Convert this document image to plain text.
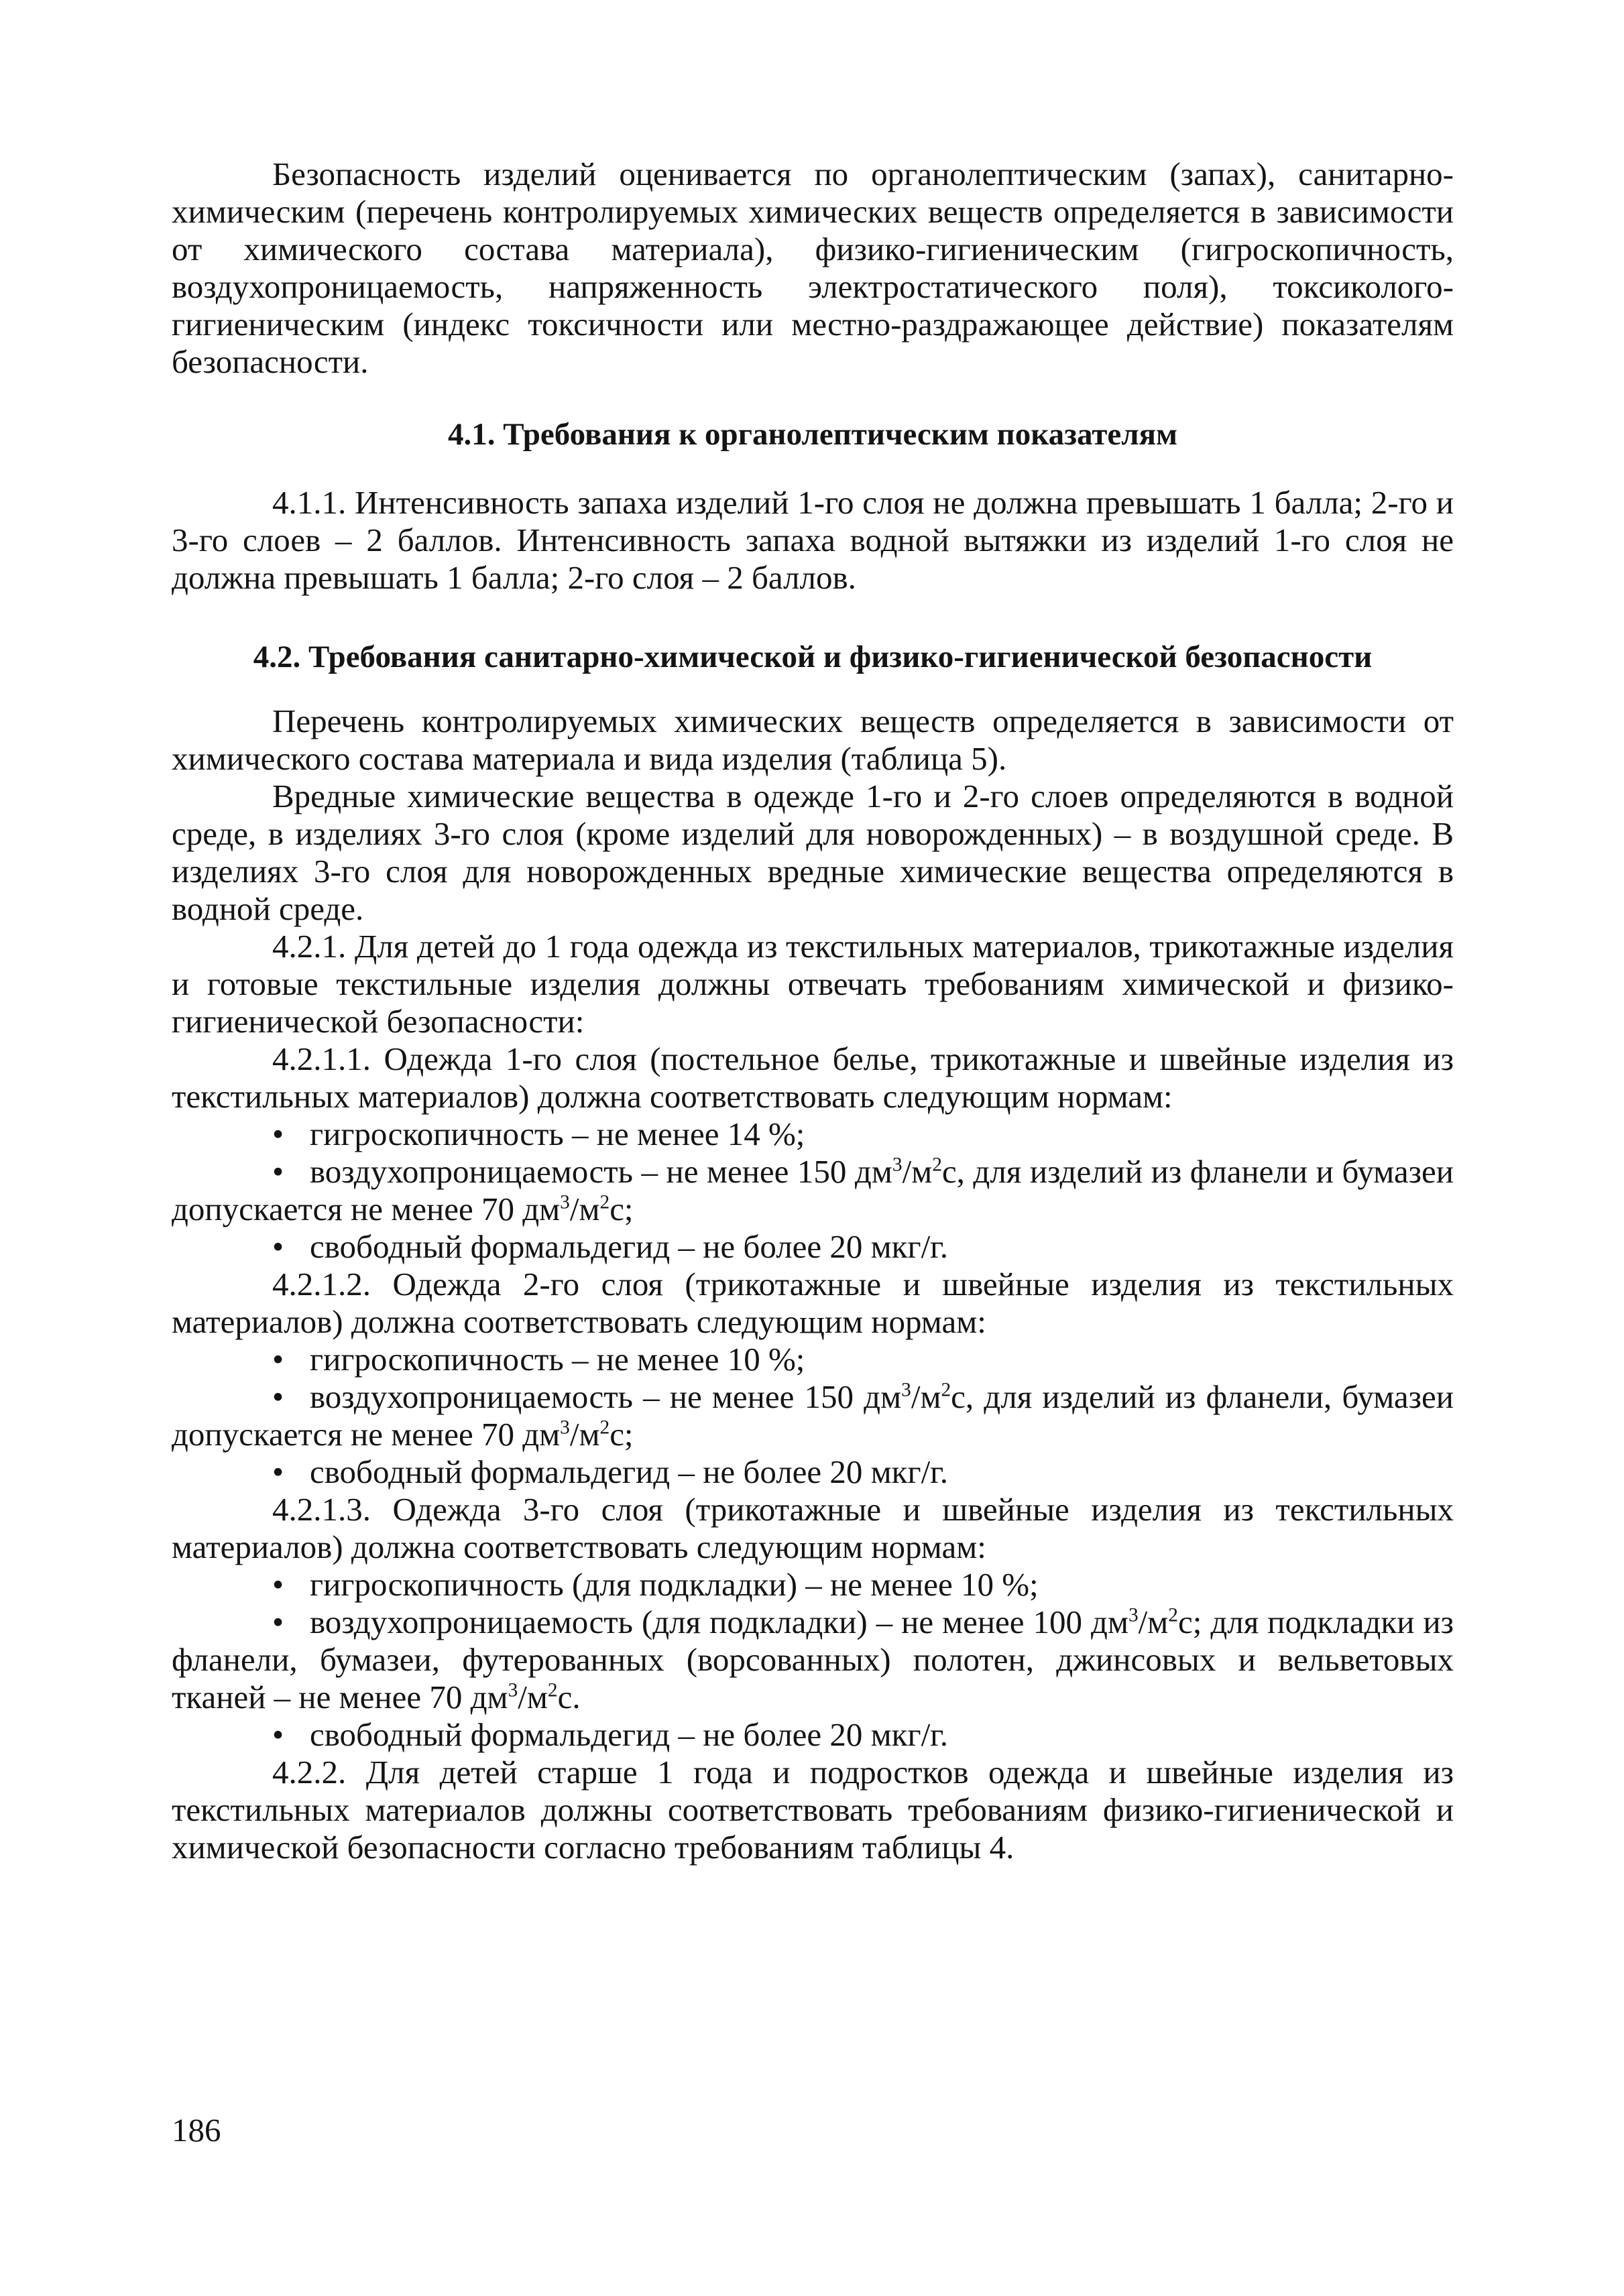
Безопасность изделий оценивается по органолептическим (запах), санитарно-химическим (перечень контролируемых химических веществ определяется в зависимости от химического состава материала), физико-гигиеническим (гигроскопичность, воздухопроницаемость, напряженность электростатического поля), токсиколого-гигиеническим (индекс токсичности или местно-раздражающее действие) показателям безопасности.

4.1. Требования к органолептическим показателям

4.1.1. Интенсивность запаха изделий 1-го слоя не должна превышать 1 балла; 2-го и 3-го слоев – 2 баллов. Интенсивность запаха водной вытяжки из изделий 1-го слоя не должна превышать 1 балла; 2-го слоя – 2 баллов.

4.2. Требования санитарно-химической и физико-гигиенической безопасности

Перечень контролируемых химических веществ определяется в зависимости от химического состава материала и вида изделия (таблица 5).

Вредные химические вещества в одежде 1-го и 2-го слоев определяются в водной среде, в изделиях 3-го слоя (кроме изделий для новорожденных) – в воздушной среде. В изделиях 3-го слоя для новорожденных вредные химические вещества определяются в водной среде.

4.2.1. Для детей до 1 года одежда из текстильных материалов, трикотажные изделия и готовые текстильные изделия должны отвечать требованиям химической и физико-гигиенической безопасности:

4.2.1.1. Одежда 1-го слоя (постельное белье, трикотажные и швейные изделия из текстильных материалов) должна соответствовать следующим нормам:

• гигроскопичность – не менее 14 %;

• воздухопроницаемость – не менее 150 $дм^3/м^2с$, для изделий из фланели и бумазеи допускается не менее 70 $дм^3/м^2с$;

• свободный формальдегид – не более 20 мкг/г.

4.2.1.2. Одежда 2-го слоя (трикотажные и швейные изделия из текстильных материалов) должна соответствовать следующим нормам:

• гигроскопичность – не менее 10 %;

• воздухопроницаемость – не менее 150 $дм^3/м^2с$, для изделий из фланели, бумазеи допускается не менее 70 $дм^3/м^2с$;

• свободный формальдегид – не более 20 мкг/г.

4.2.1.3. Одежда 3-го слоя (трикотажные и швейные изделия из текстильных материалов) должна соответствовать следующим нормам:

• гигроскопичность (для подкладки) – не менее 10 %;

• воздухопроницаемость (для подкладки) – не менее 100 $дм^3/м^2с$; для подкладки из фланели, бумазеи, футерованных (ворсованных) полотен, джинсовых и вельветовых тканей – не менее 70 $дм^3/м^2с$.

• свободный формальдегид – не более 20 мкг/г.

4.2.2. Для детей старше 1 года и подростков одежда и швейные изделия из текстильных материалов должны соответствовать требованиям физико-гигиенической и химической безопасности согласно требованиям таблицы 4.

186
